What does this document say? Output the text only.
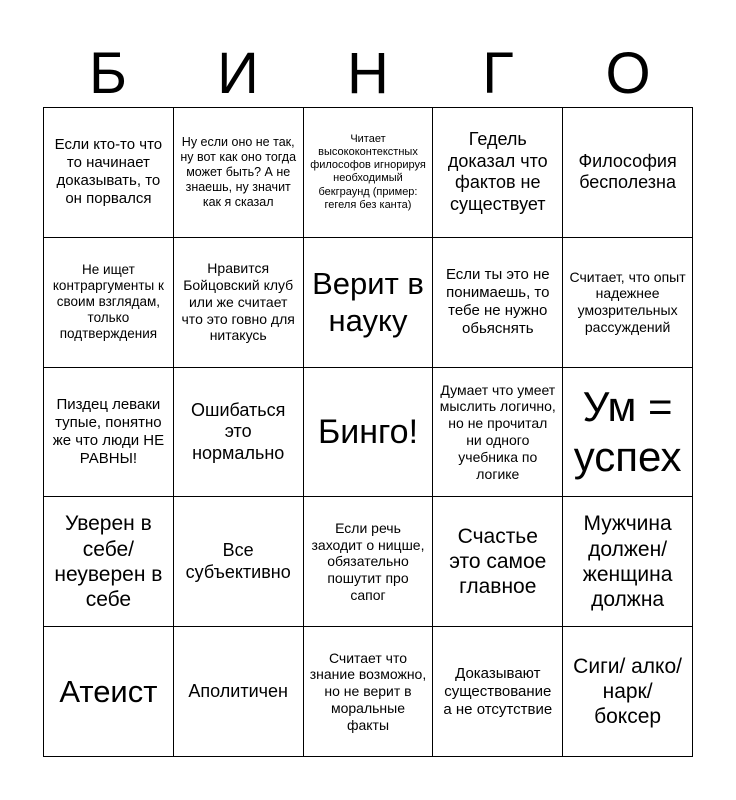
Б	И	Н	Г	О
Если кто-то что то начинает доказывать, то он порвался
Ну если оно не так, ну вот как оно тогда может быть? А не знаешь, ну значит как я сказал
Читает высококонтекстных философов игнорируя необходимый бекграунд (пример: гегеля без канта)
Гедель доказал что фактов не существует
Философия бесполезна
Не ищет контраргументы к своим взглядам, только подтверждения
Нравится Бойцовский клуб или же считает что это говно для нитакусь
Верит в науку
Если ты это не понимаешь, то тебе не нужно обьяснять
Считает, что опыт надежнее умозрительных рассуждений
Пиздец леваки тупые, понятно же что люди НЕ РАВНЫ!
Ошибаться это нормально
Бинго!
Думает что умеет мыслить логично, но не прочитал ни одного учебника по логике
Ум = успех
Уверен в себе/ неуверен в себе
Все субъективно
Если речь заходит о ницше, обязательно пошутит про сапог
Счастье это самое главное
Мужчина должен/ женщина должна
Атеист Аполитичен
Считает что знание возможно, но не верит в моральные факты
Доказывают существование а не отсутствие
Сиги/ алко/ нарк/ боксер
